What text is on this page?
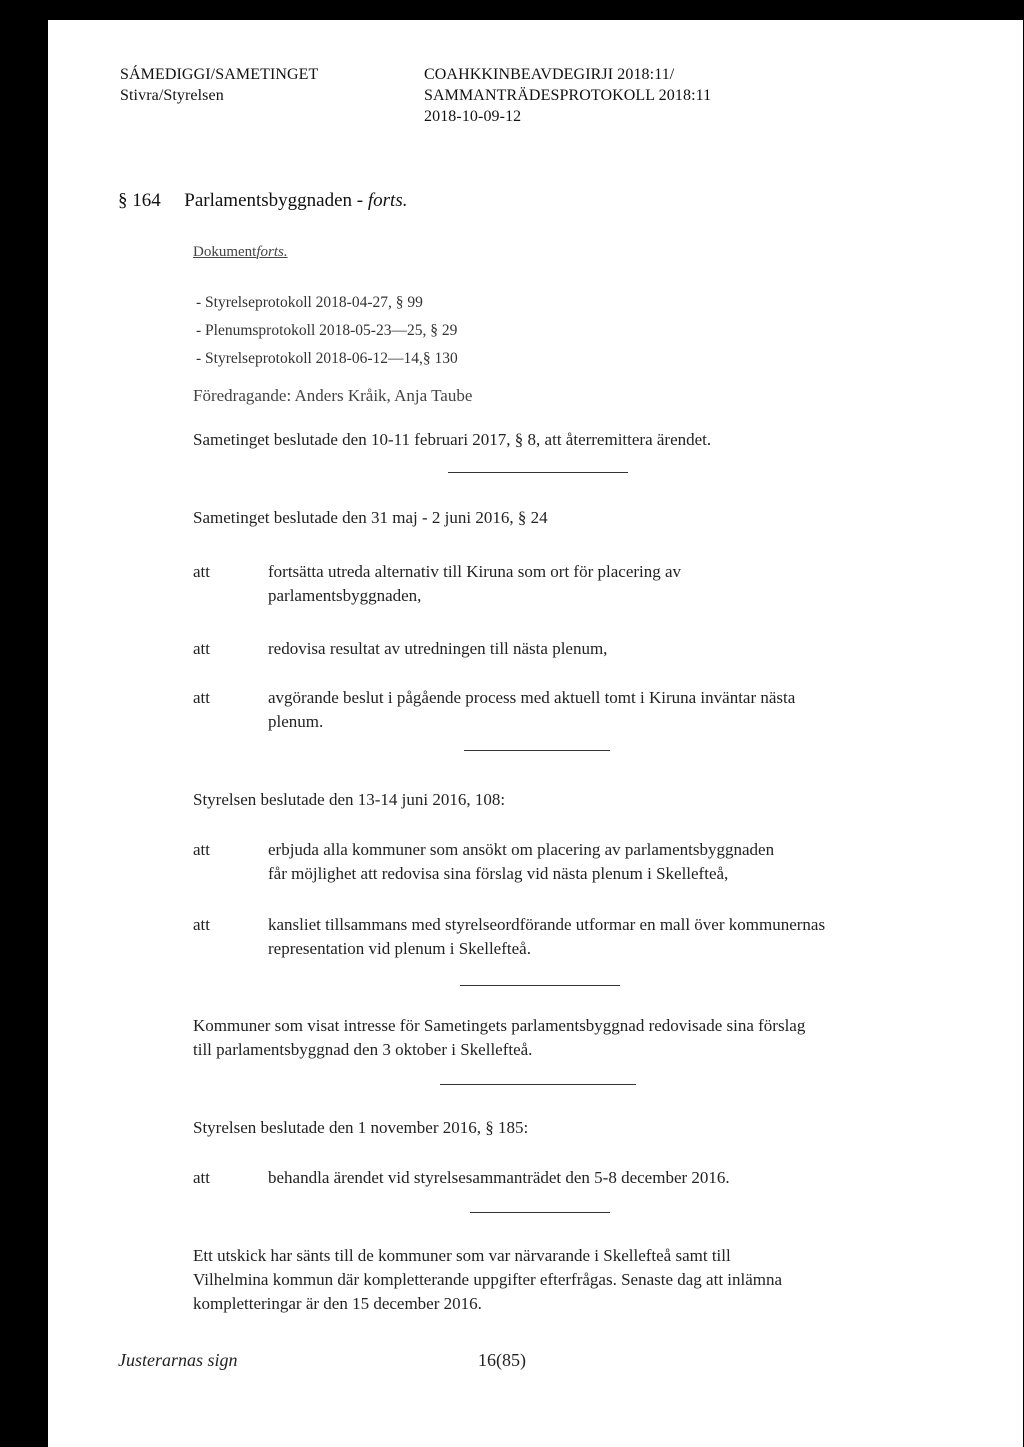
SÁMEDIGGI/SAMETINGET
Stivra/Styrelsen
COAHKKINBEAVDEGIRJI 2018:11/
SAMMANTRÄDESPROTOKOLL 2018:11
2018-10-09-12
§ 164 Parlamentsbyggnaden - forts.
Dokumentforts.
- Styrelseprotokoll 2018-04-27, § 99
- Plenumsprotokoll 2018-05-23—25, § 29
- Styrelseprotokoll 2018-06-12—14,§ 130
Föredragande: Anders Kråik, Anja Taube
Sametinget beslutade den 10-11 februari 2017, § 8, att återremittera ärendet.
Sametinget beslutade den 31 maj - 2 juni 2016, § 24
att	fortsätta utreda alternativ till Kiruna som ort för placering av
parlamentsbyggnaden,
att	redovisa resultat av utredningen till nästa plenum,
att	avgörande beslut i pågående process med aktuell tomt i Kiruna inväntar nästa
plenum.
Styrelsen beslutade den 13-14 juni 2016, 108:
att	erbjuda alla kommuner som ansökt om placering av parlamentsbyggnaden
får möjlighet att redovisa sina förslag vid nästa plenum i Skellefteå,
att	kansliet tillsammans med styrelseordförande utformar en mall över kommunernas
representation vid plenum i Skellefteå.
Kommuner som visat intresse för Sametingets parlamentsbyggnad redovisade sina förslag
till parlamentsbyggnad den 3 oktober i Skellefteå.
Styrelsen beslutade den 1 november 2016, § 185:
att	behandla ärendet vid styrelsesammanträdet den 5-8 december 2016.
Ett utskick har sänts till de kommuner som var närvarande i Skellefteå samt till
Vilhelmina kommun där kompletterande uppgifter efterfrågas. Senaste dag att inlämna
kompletteringar är den 15 december 2016.
Justerarnas sign	16(85)
